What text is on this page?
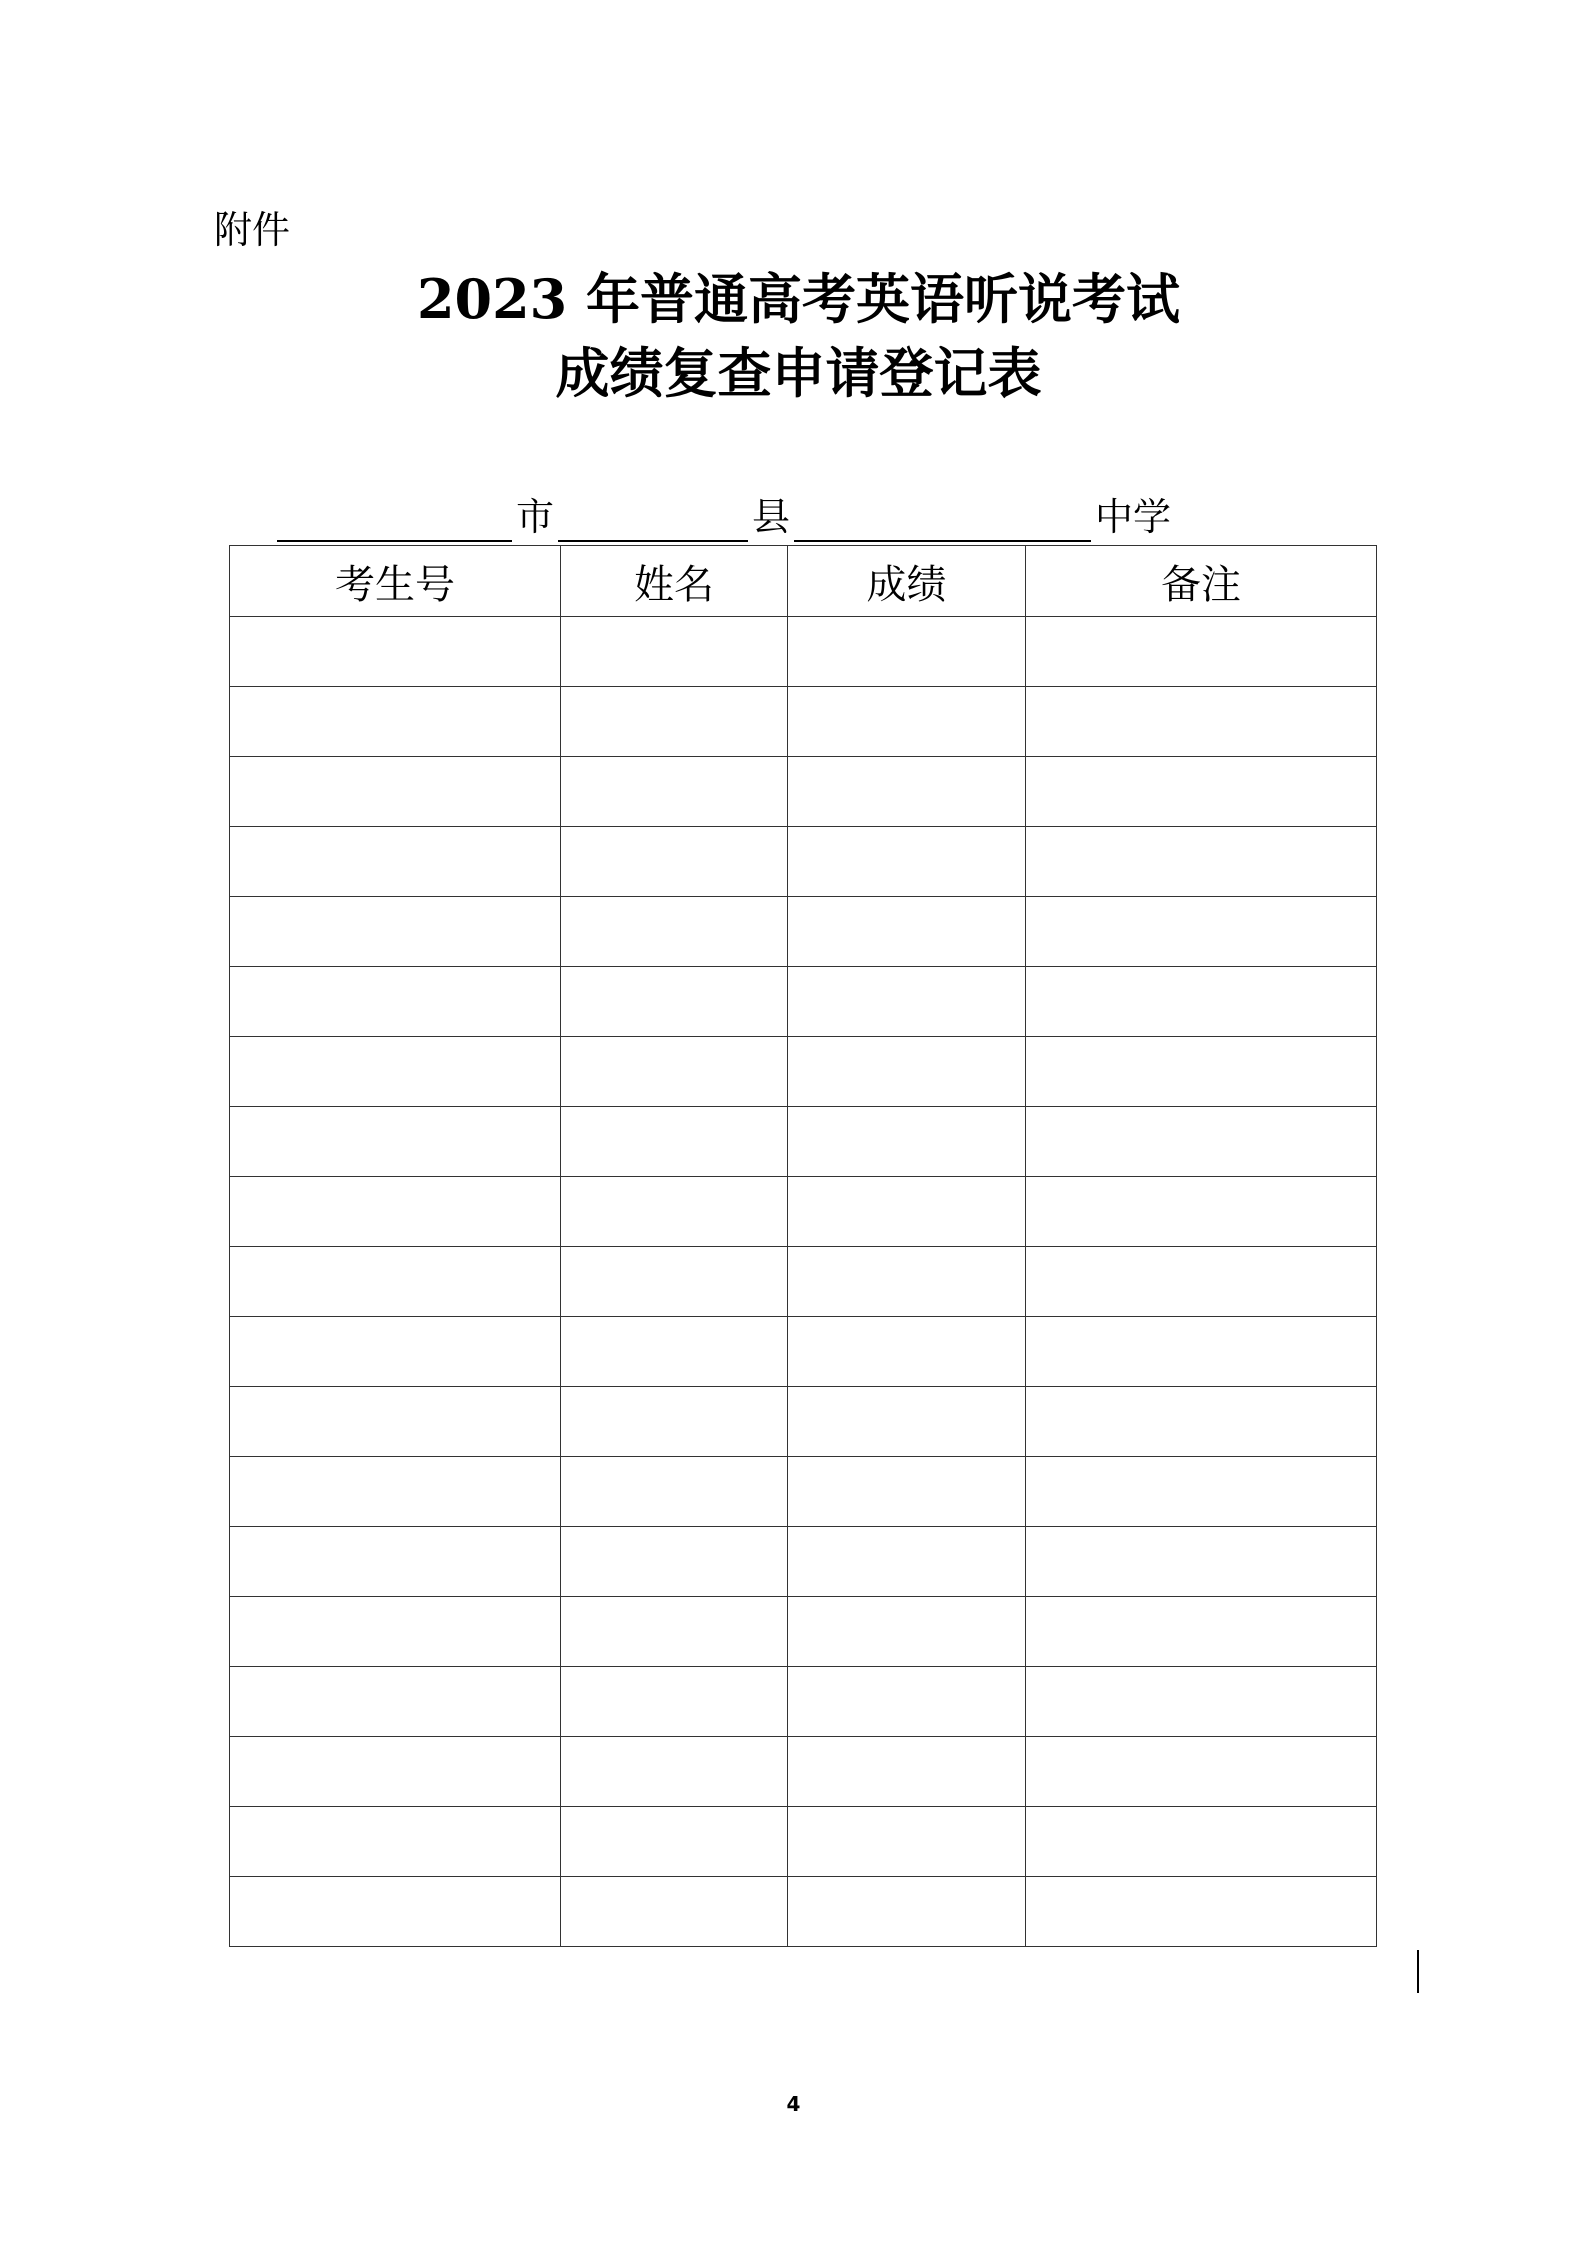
附件
2023 年普通高考英语听说考试
成绩复查申请登记表
市	县	中学
考生号	姓名	成绩	备注

4
